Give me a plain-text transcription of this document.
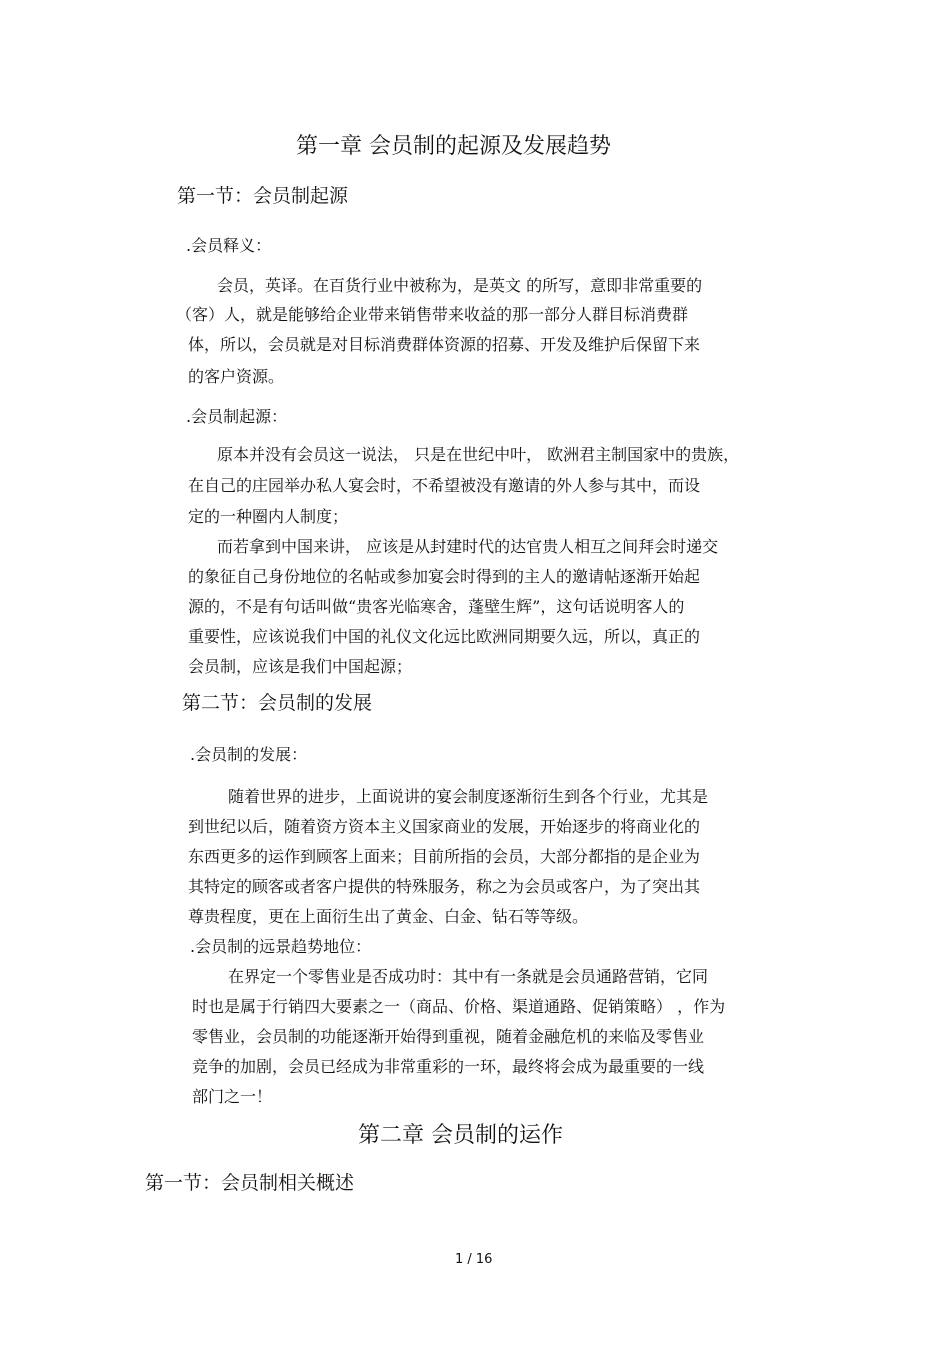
第一章 会员制的起源及发展趋势
第一节：会员制起源
.会员释义：

会员，英译。在百货行业中被称为，是英文 的所写，意即非常重要的

（客）人，就是能够给企业带来销售带来收益的那一部分人群目标消费群

体，所以，会员就是对目标消费群体资源的招募、开发及维护后保留下来

的客户资源。

.会员制起源：

原本并没有会员这一说法， 只是在世纪中叶， 欧洲君主制国家中的贵族，

在自己的庄园举办私人宴会时，不希望被没有邀请的外人参与其中，而设

定的一种圈内人制度；

而若拿到中国来讲， 应该是从封建时代的达官贵人相互之间拜会时递交

的象征自己身份地位的名帖或参加宴会时得到的主人的邀请帖逐渐开始起

源的，不是有句话叫做“贵客光临寒舍，蓬壁生辉”，这句话说明客人的

重要性，应该说我们中国的礼仪文化远比欧洲同期要久远，所以，真正的

会员制，应该是我们中国起源；

第二节：会员制的发展
.会员制的发展：

随着世界的进步，上面说讲的宴会制度逐渐衍生到各个行业，尤其是

到世纪以后，随着资方资本主义国家商业的发展，开始逐步的将商业化的

东西更多的运作到顾客上面来；目前所指的会员，大部分都指的是企业为

其特定的顾客或者客户提供的特殊服务，称之为会员或客户，为了突出其

尊贵程度，更在上面衍生出了黄金、白金、钻石等等级。

.会员制的远景趋势地位：

在界定一个零售业是否成功时：其中有一条就是会员通路营销，它同

时也是属于行销四大要素之一（商品、价格、渠道通路、促销策略） ，作为

零售业，会员制的功能逐渐开始得到重视，随着金融危机的来临及零售业

竞争的加剧，会员已经成为非常重彩的一环，最终将会成为最重要的一线

部门之一！

第二章 会员制的运作
第一节：会员制相关概述
1 / 16
